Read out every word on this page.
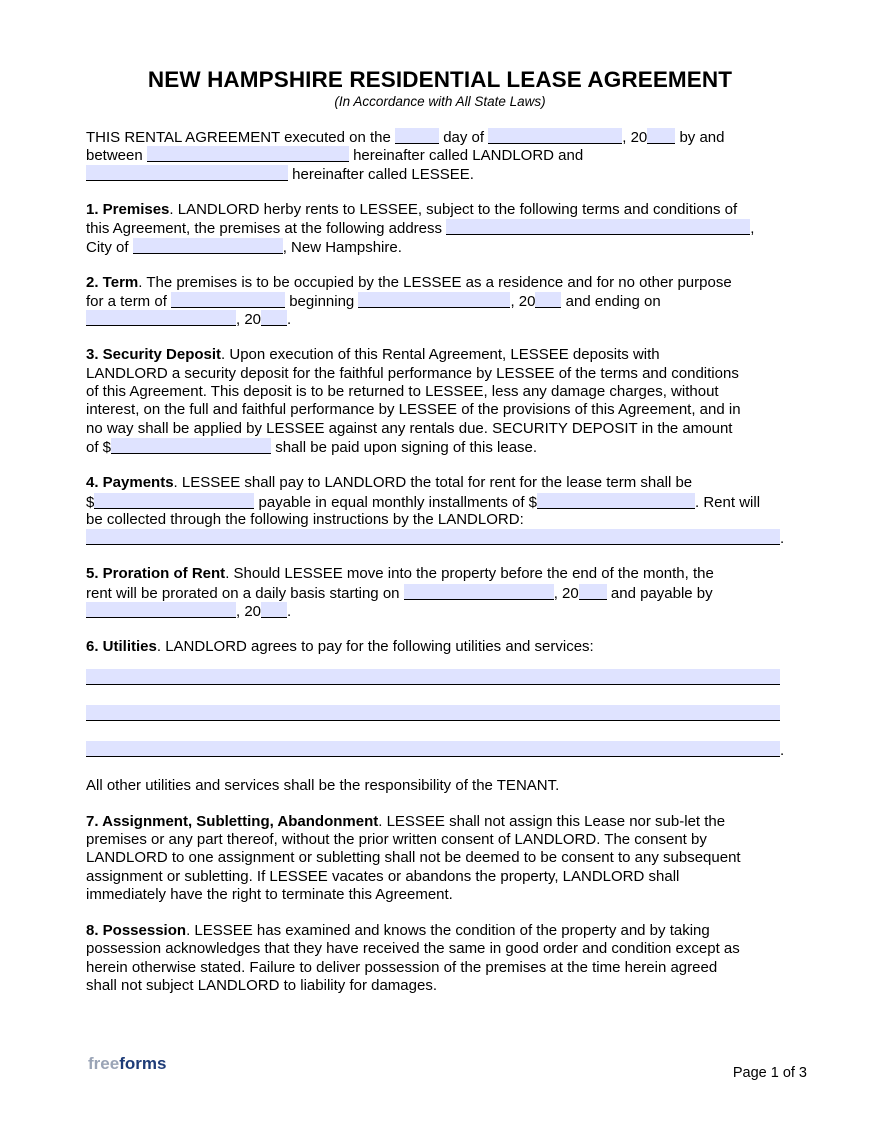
NEW HAMPSHIRE RESIDENTIAL LEASE AGREEMENT
(In Accordance with All State Laws)
THIS RENTAL AGREEMENT executed on the	day of	, 20 by and
between	hereinafter called LANDLORD and
hereinafter called LESSEE.
1. Premises. LANDLORD herby rents to LESSEE, subject to the following terms and conditions of
this Agreement, the premises at the following address	,
City of	, New Hampshire.
2. Term. The premises is to be occupied by the LESSEE as a residence and for no other purpose
for a term of	beginning	, 20 and ending on
, 20 .
3. Security Deposit. Upon execution of this Rental Agreement, LESSEE deposits with
LANDLORD a security deposit for the faithful performance by LESSEE of the terms and conditions
of this Agreement. This deposit is to be returned to LESSEE, less any damage charges, without
interest, on the full and faithful performance by LESSEE of the provisions of this Agreement, and in
no way shall be applied by LESSEE against any rentals due. SECURITY DEPOSIT in the amount
of $	shall be paid upon signing of this lease.
4. Payments. LESSEE shall pay to LANDLORD the total for rent for the lease term shall be
$	payable in equal monthly installments of $	. Rent will
be collected through the following instructions by the LANDLORD:
.
5. Proration of Rent. Should LESSEE move into the property before the end of the month, the
rent will be prorated on a daily basis starting on	, 20 and payable by
, 20 .
6. Utilities. LANDLORD agrees to pay for the following utilities and services:
.
All other utilities and services shall be the responsibility of the TENANT.
7. Assignment, Subletting, Abandonment. LESSEE shall not assign this Lease nor sub-let the
premises or any part thereof, without the prior written consent of LANDLORD. The consent by
LANDLORD to one assignment or subletting shall not be deemed to be consent to any subsequent
assignment or subletting. If LESSEE vacates or abandons the property, LANDLORD shall
immediately have the right to terminate this Agreement.
8. Possession. LESSEE has examined and knows the condition of the property and by taking
possession acknowledges that they have received the same in good order and condition except as
herein otherwise stated. Failure to deliver possession of the premises at the time herein agreed
shall not subject LANDLORD to liability for damages.
freeforms	Page 1 of 3
